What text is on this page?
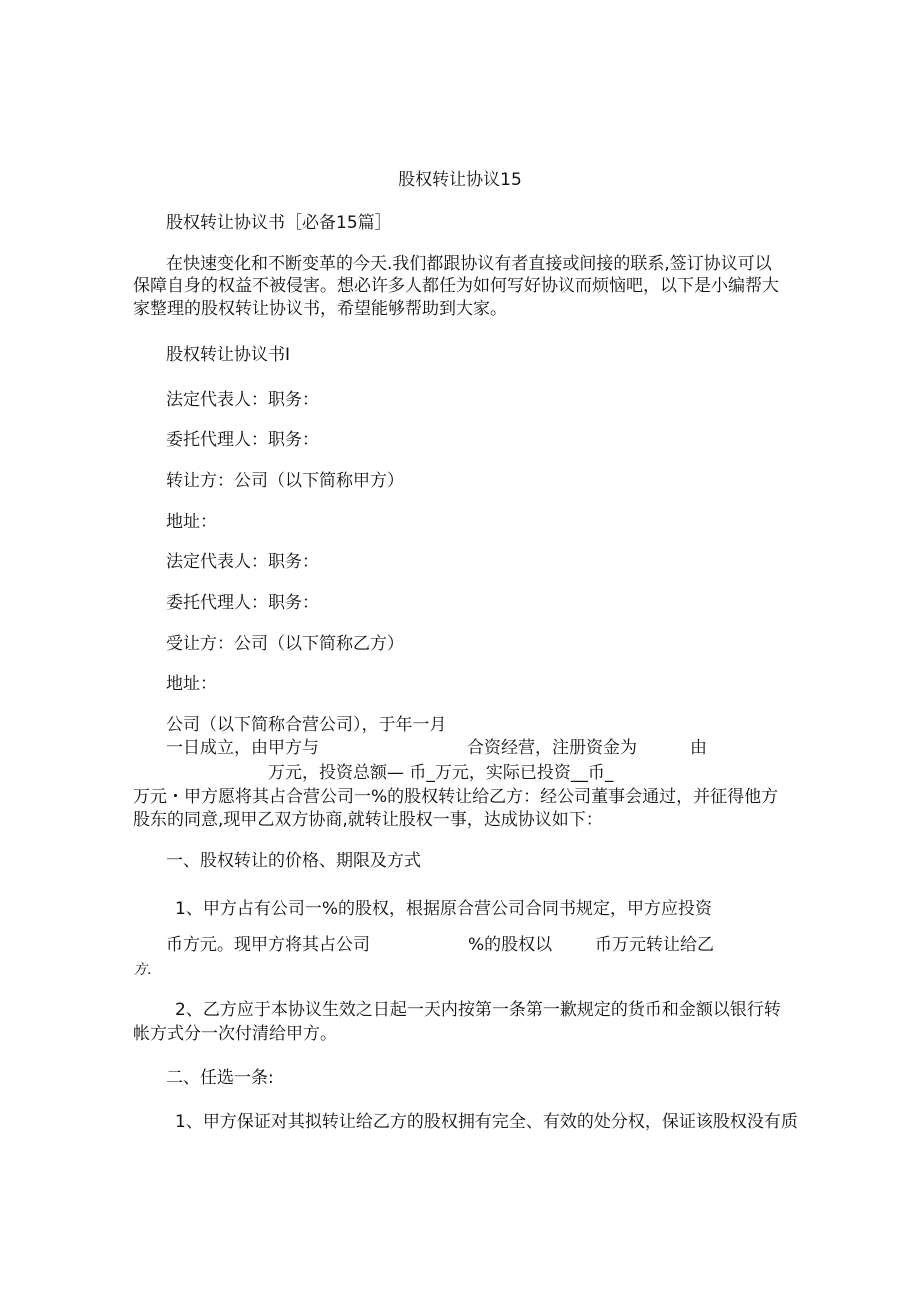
股权转让协议15
股权转让协议书［必备15篇］
在快速变化和不断变革的今天.我们都跟协议有者直接或间接的联系,签订协议可以
保障自身的权益不被侵害。想必许多人都任为如何写好协议而烦恼吧，以下是小编帮大
家整理的股权转让协议书，希望能够帮助到大家。
股权转让协议书I
法定代表人：职务：
委托代理人：职务：
转让方：公司（以下简称甲方）
地址：
法定代表人：职务：
委托代理人：职务：
受让方：公司（以下简称乙方）
地址：
公司（以下简称合营公司），于年一月
一日成立，由甲方与	合资经营，注册资金为	由
万元，投资总额— 币_万元，实际已投资__币_
万元・甲方愿将其占合营公司一%的股权转让给乙方：经公司董事会通过，并征得他方
股东的同意,现甲乙双方协商,就转让股权一事，达成协议如下：
一、股权转让的价格、期限及方式
1、甲方占有公司一%的股权，根据原合营公司合同书规定，甲方应投资
币方元。现甲方将其占公司	%的股权以	币万元转让给乙
方.
2、乙方应于本协议生效之日起一天内按第一条第一歉规定的货币和金额以银行转
帐方式分一次付清给甲方。
二、任选一条:
1、甲方保证对其拟转让给乙方的股权拥有完全、有效的处分权，保证该股权没有质
